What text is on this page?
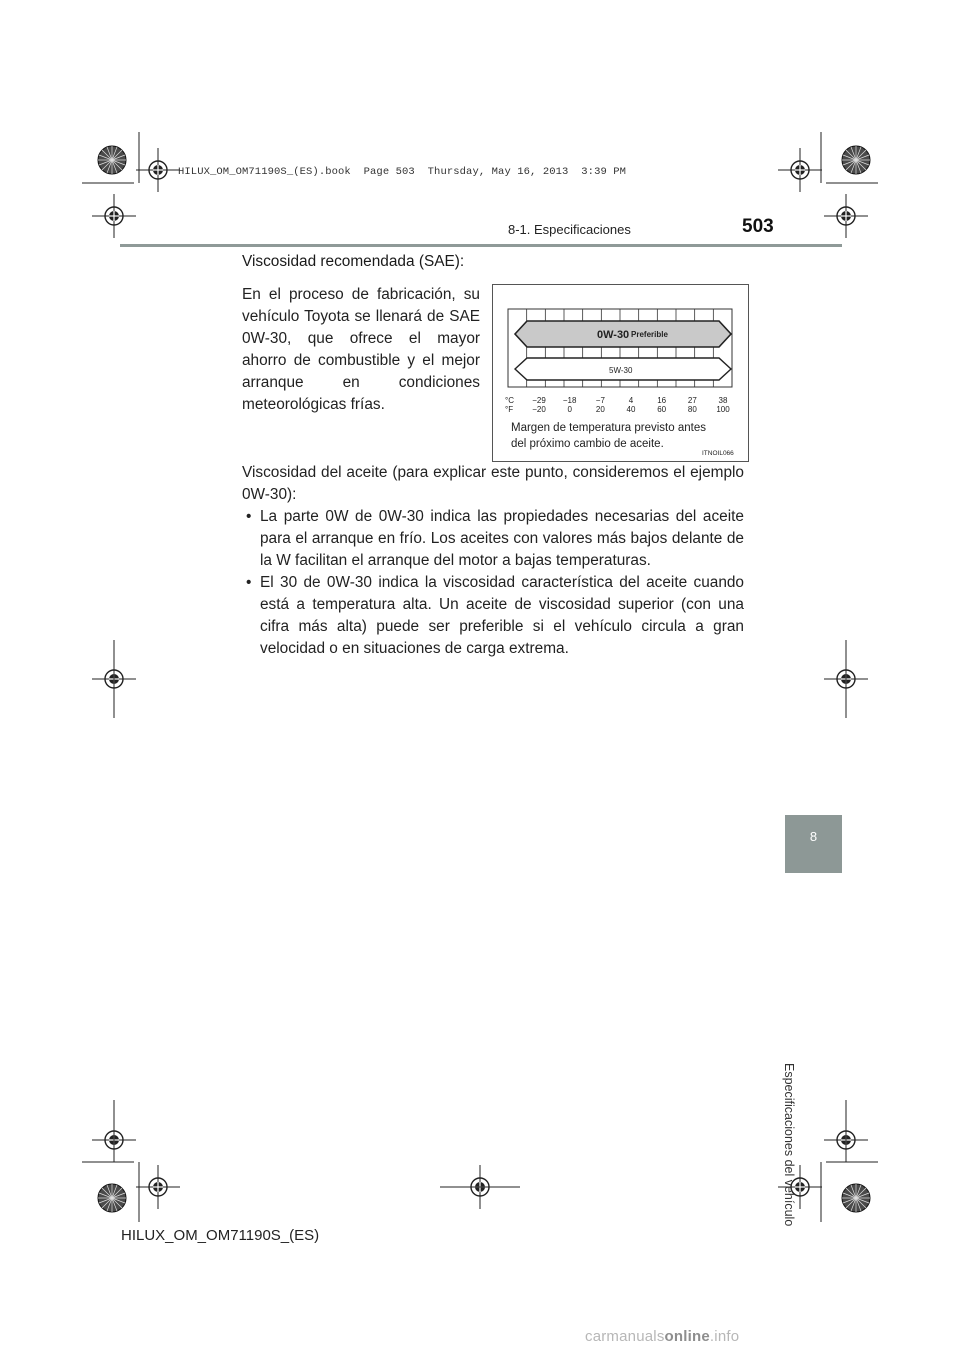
HILUX_OM_OM71190S_(ES).book  Page 503  Thursday, May 16, 2013  3:39 PM
8-1. Especificaciones	503
Viscosidad recomendada (SAE):
En el proceso de fabricación, su vehículo Toyota se llenará de SAE 0W-30, que ofrece el mayor ahorro de combustible y el mejor arranque en condiciones meteorológicas frías.
0W-30 Preferible
5W-30
°C
°F
−29 −18 −7	4	16	27	38
−20	0	20	40	60	80 100
Margen de temperatura previsto antes
del próximo cambio de aceite.
ITNOIL066
Viscosidad del aceite (para explicar este punto, consideremos el ejemplo 0W-30):
• La parte 0W de 0W-30 indica las propiedades necesarias del aceite para el arranque en frío. Los aceites con valores más bajos delante de la W facilitan el arranque del motor a bajas temperaturas.
• El 30 de 0W-30 indica la viscosidad característica del aceite cuando está a temperatura alta. Un aceite de viscosidad superior (con una cifra más alta) puede ser preferible si el vehículo circula a gran velocidad o en situaciones de carga extrema.
8
Especificaciones del vehículo
HILUX_OM_OM71190S_(ES)
carmanualsonline.info
